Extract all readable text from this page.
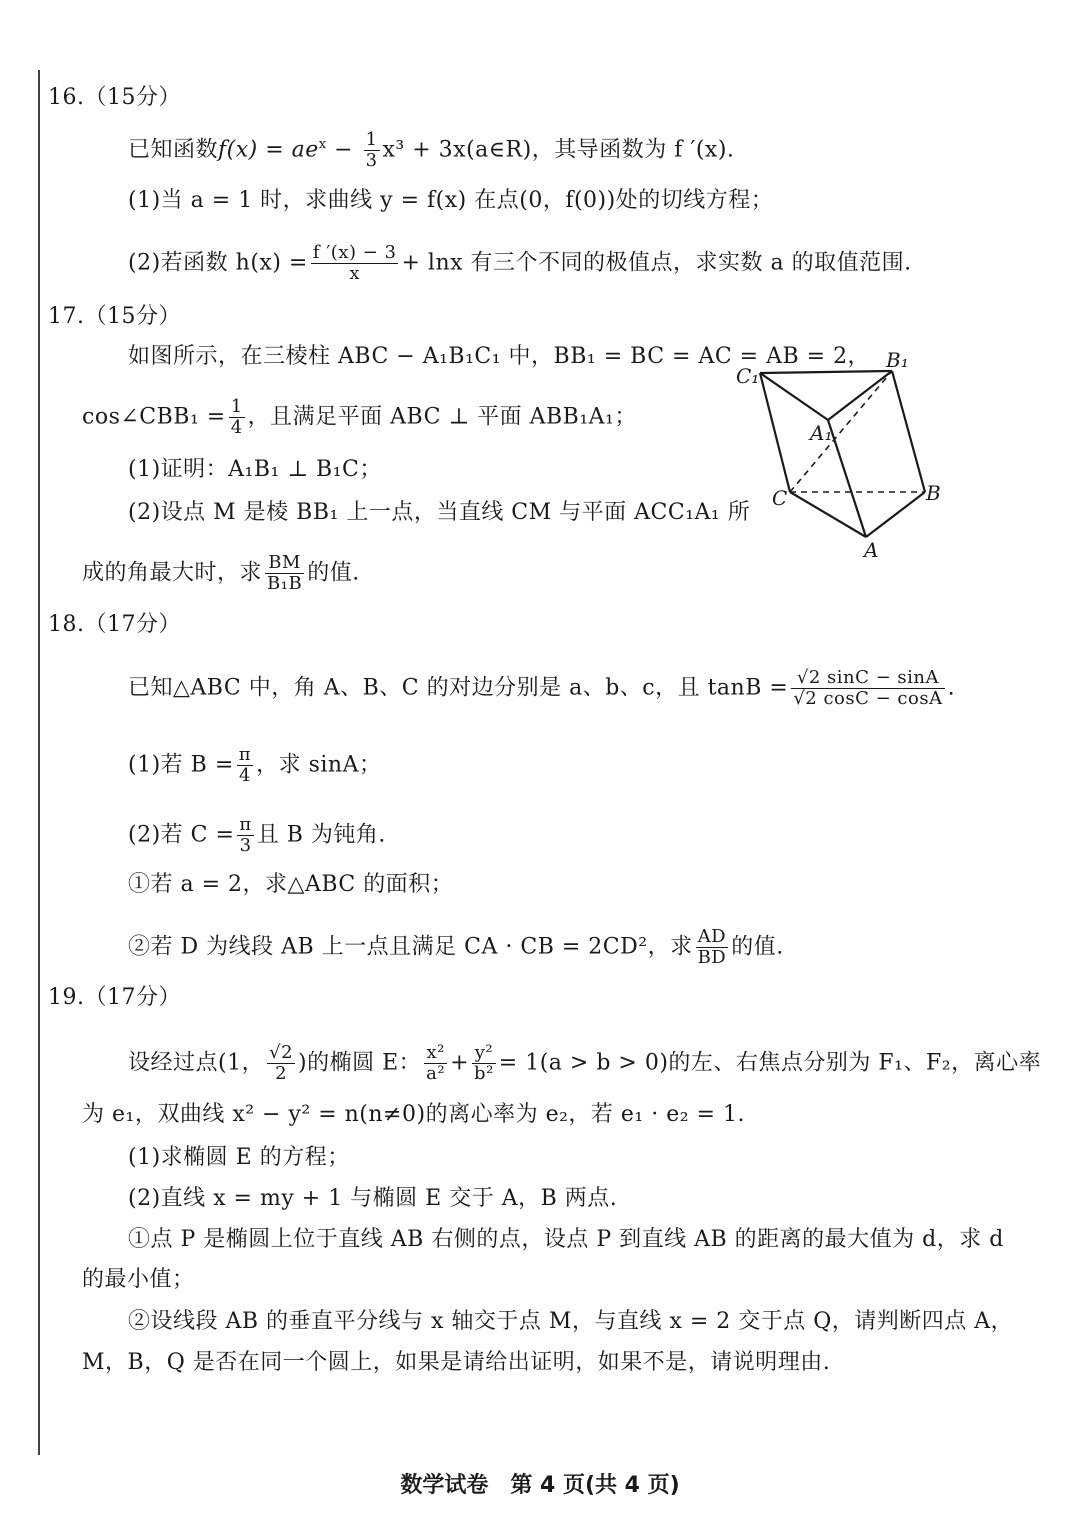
16.（15分）
已知函数$f(x) = ae^x - \frac{1}{3} x^3$ + 3x(a∈R)，其导函数为 f ′(x).
(1)当 a = 1 时，求曲线 y = f(x) 在点(0，f(0))处的切线方程；
(2)若函数 $h(x) = \frac{f '(x) - 3}{x} + \ln x$ 有三个不同的极值点，求实数 a 的取值范围.
17.（15分）
如图所示，在三棱柱 ABC − A₁B₁C₁ 中，BB₁ = BC = AC = AB = 2，
cos∠CBB₁ = $\frac{1}{4}$ ，且满足平面 ABC ⊥ 平面 ABB₁A₁；
(1)证明：A₁B₁ ⊥ B₁C；
(2)设点 M 是棱 BB₁ 上一点，当直线 CM 与平面 ACC₁A₁ 所
成的角最大时，求 $\frac{BM}{\text{B₁B}}$ 的值.
C₁
B₁
A₁
C	B
A
18.（17分）
已知△ABC 中，角 A、B、C 的对边分别是 a、b、c，且 $\tan B = \frac{√2 \sin C - \sin A}{√2 \cos C - \cos A}$ .
(1)若 $B = \frac{\pi}{4}$ ，求 sinA；
(2)若 $C = \frac{\pi}{3}$ 且 B 为钝角.
①若 a = 2，求△ABC 的面积；
②若 D 为线段 AB 上一点且满足 CA · CB = 2CD²，求 $\frac{AD}{BD}$ 的值.
19.（17分）
设经过点(1， $\frac{√2}{2}$ )的椭圆 E： $\frac{\text{x²}}{\text{a²}} + \frac{\text{y²}}{\text{b²}} = 1(a > b > 0)$的左、右焦点分别为 F₁、F₂，离心率
为 e₁，双曲线 x² − y² = n(n≠0)的离心率为 e₂，若 e₁ · e₂ = 1.
(1)求椭圆 E 的方程；
(2)直线 x = my + 1 与椭圆 E 交于 A，B 两点.
①点 P 是椭圆上位于直线 AB 右侧的点，设点 P 到直线 AB 的距离的最大值为 d，求 d
的最小值；
②设线段 AB 的垂直平分线与 x 轴交于点 M，与直线 x = 2 交于点 Q，请判断四点 A，
M，B，Q 是否在同一个圆上，如果是请给出证明，如果不是，请说明理由.
数学试卷　第 4 页(共 4 页)
